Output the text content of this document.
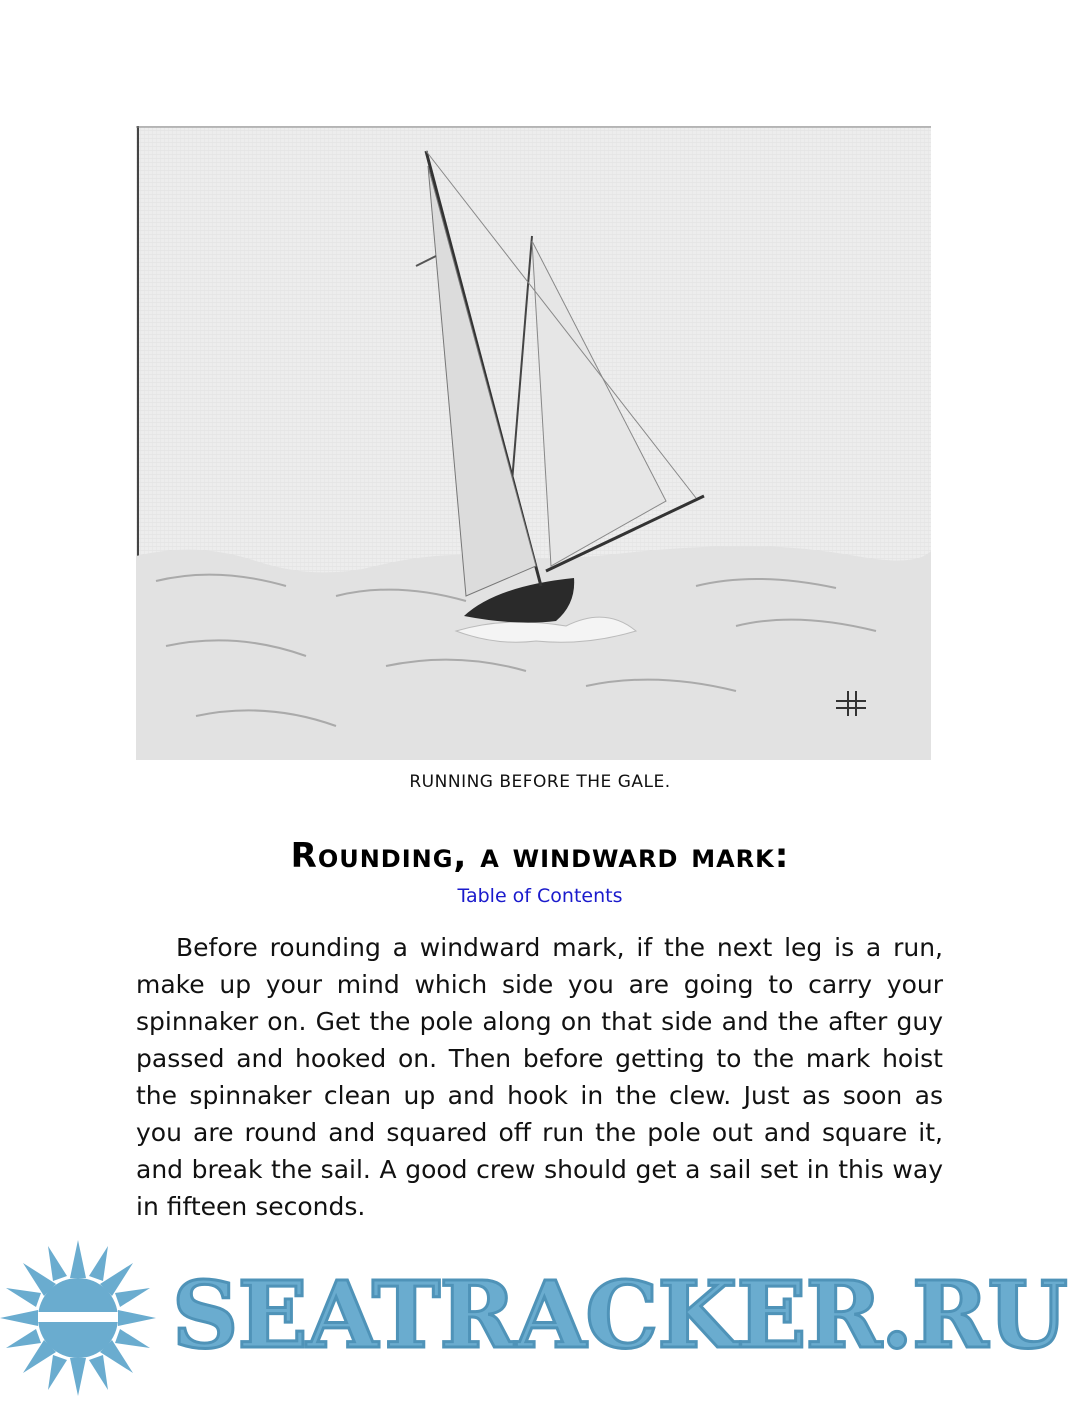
RUNNING BEFORE THE GALE.
Rounding, a windward mark:
Table of Contents

Before rounding a windward mark, if the next leg is a run, make up your mind which side you are going to carry your spinnaker on. Get the pole along on that side and the after guy passed and hooked on. Then before getting to the mark hoist the spinnaker clean up and hook in the clew. Just as soon as you are round and squared off run the pole out and square it, and break the sail. A good crew should get a sail set in this way in fifteen seconds.

SEATRACKER.RU
